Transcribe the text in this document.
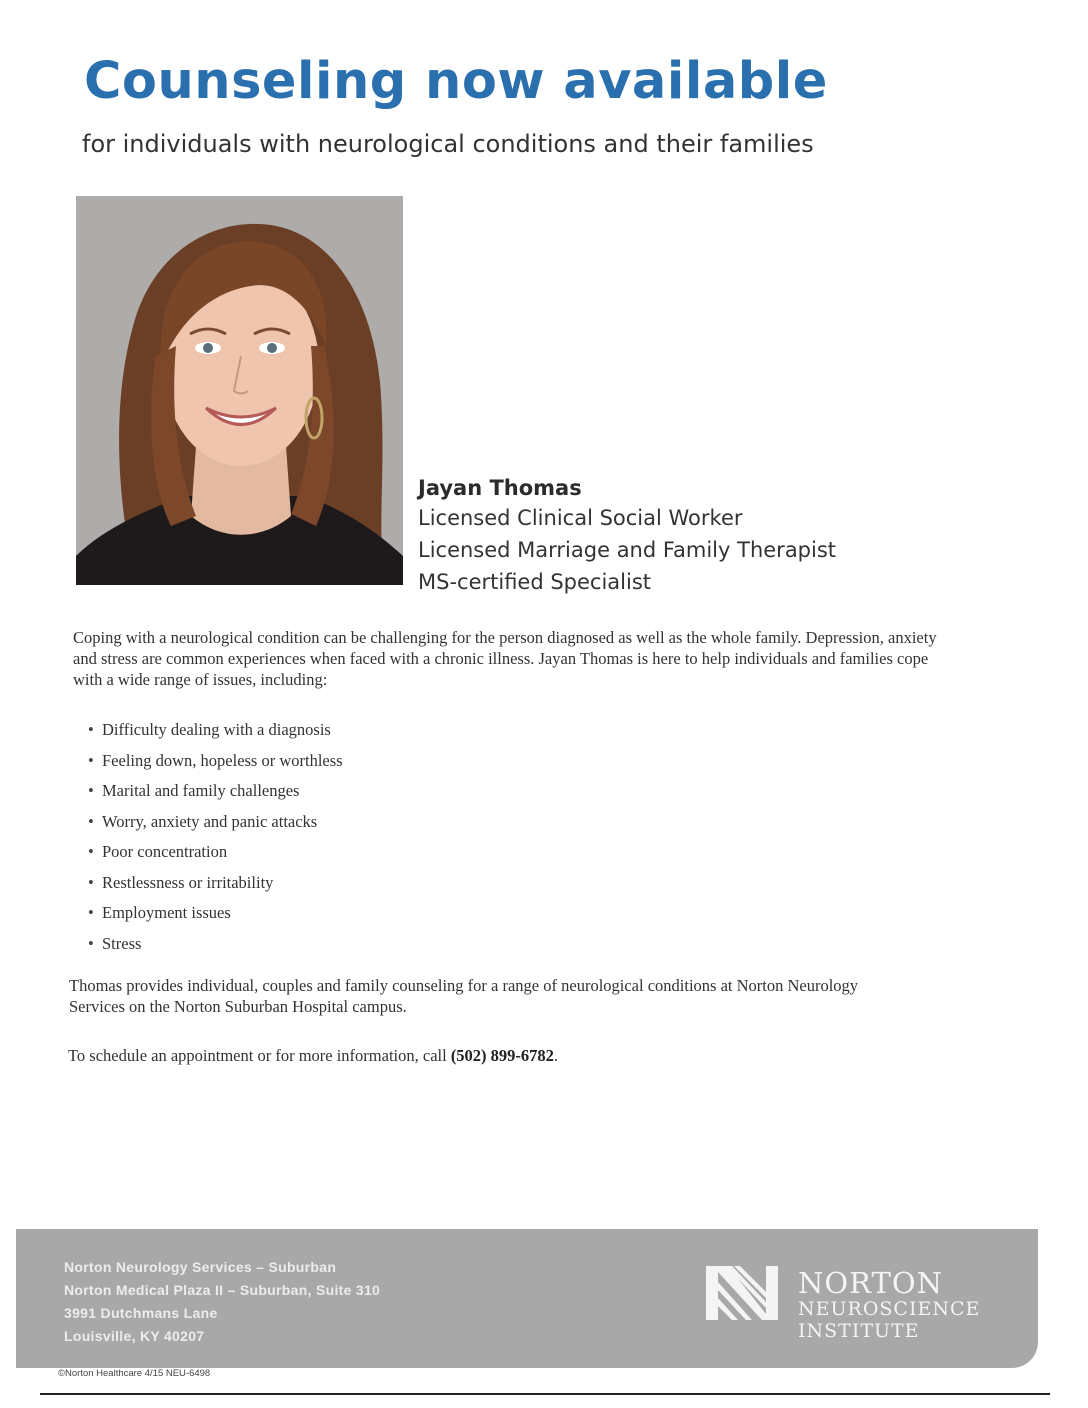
Counseling now available
for individuals with neurological conditions and their families
Jayan Thomas
Licensed Clinical Social Worker
Licensed Marriage and Family Therapist
MS-certified Specialist

Coping with a neurological condition can be challenging for the person diagnosed as well as the whole family. Depression, anxiety and stress are common experiences when faced with a chronic illness. Jayan Thomas is here to help individuals and families cope with a wide range of issues, including:

• Difficulty dealing with a diagnosis
• Feeling down, hopeless or worthless
• Marital and family challenges
• Worry, anxiety and panic attacks
• Poor concentration
• Restlessness or irritability
• Employment issues
• Stress

Thomas provides individual, couples and family counseling for a range of neurological conditions at Norton Neurology Services on the Norton Suburban Hospital campus.

To schedule an appointment or for more information, call (502) 899-6782.

Norton Neurology Services – Suburban
Norton Medical Plaza II – Suburban, Suite 310
3991 Dutchmans Lane
Louisville, KY 40207
NORTON
NEUROSCIENCE
INSTITUTE
©Norton Healthcare 4/15 NEU-6498
